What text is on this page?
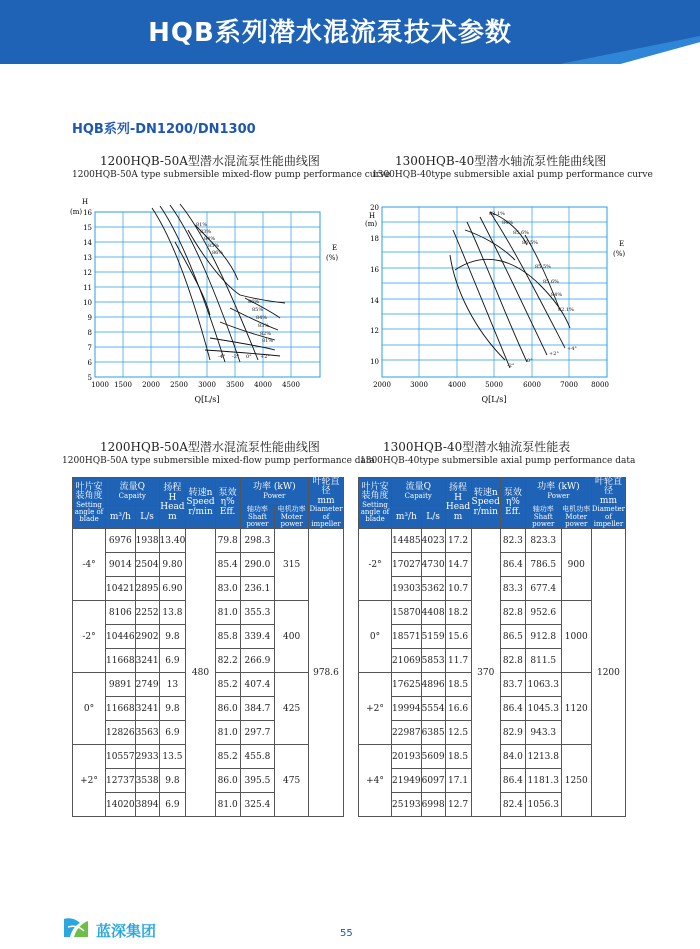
HQB系列潜水混流泵技术参数
HQB系列-DN1200/DN1300
1200HQB-50A型潜水混流泵性能曲线图
1200HQB-50A type submersible mixed-flow pump performance curve
1300HQB-40型潜水轴流泵性能曲线图
1300HQB-40type submersible axial pump performance curve
H
(m) 16
15
14
13
12
11
10
9
8
7
6
5
1000 1500 2000 2500 3000 3500 4000 4500
Q[L/s]
E
(%)
81%
83%
84%
85%
86%
86%
85%
84%
83%
82%
81%
-4° -2° 0° +2°
H
(m)
20
18
16
14
12
10
2000	3000	4000	5000	6000	7000 8000
Q[L/s]
E
(%)
82.1%
84%
85.6%
86.5%
85.5%
85.6%
84%
82.1%
-2°
0°
+2°
+4°
1200HQB-50A型潜水混流泵性能曲线图
1200HQB-50A type submersible mixed-flow pump performance data
1300HQB-40型潜水轴流泵性能表
1300HQB-40type submersible axial pump performance data
叶片安装角度
Setting angle of blade	流量Q
Capaity		扬程H
Head
m	转速n
Speed
r/min	泵效
η%
Eff.	功率 (kW)
Power		叶轮直径
mm
Diameter of impeller

	m³/h	L/s				轴功率
Shaft power	电机功率
Moter power	

-4°	6976	1938	13.40	480	79.8	298.3	315	978.6
	9014	2504	9.80		85.4	290.0		
	10421	2895	6.90		83.0	236.1		
-2°	8106	2252	13.8		81.0	355.3	400	
	10446	2902	9.8		85.8	339.4		
	11668	3241	6.9		82.2	266.9		
0°	9891	2749	13		85.2	407.4	425	
	11668	3241	9.8		86.0	384.7		
	12826	3563	6.9		81.0	297.7		
+2°	10557	2933	13.5		85.2	455.8	475	
	12737	3538	9.8		86.0	395.5		
	14020	3894	6.9		81.0	325.4		
叶片安装角度
Setting angle of blade	流量Q
Capaity		扬程H
Head
m	转速n
Speed
r/min	泵效
η%
Eff.	功率 (kW)
Power		叶轮直径
mm
Diameter of impeller

	m³/h	L/s				轴功率
Shaft power	电机功率
Moter power	

-2°	14485	4023	17.2	370	82.3	823.3	900	1200
	17027	4730	14.7		86.4	786.5		
	19303	5362	10.7		83.3	677.4		
0°	15870	4408	18.2		82.8	952.6	1000	
	18571	5159	15.6		86.5	912.8		
	21069	5853	11.7		82.8	811.5		
+2°	17625	4896	18.5		83.7	1063.3	1120	
	19994	5554	16.6		86.4	1045.3		
	22987	6385	12.5		82.9	943.3		
+4°	20193	5609	18.5		84.0	1213.8	1250	
	21949	6097	17.1		86.4	1181.3		
	25193	6998	12.7		82.4	1056.3		
蓝深集团	55
